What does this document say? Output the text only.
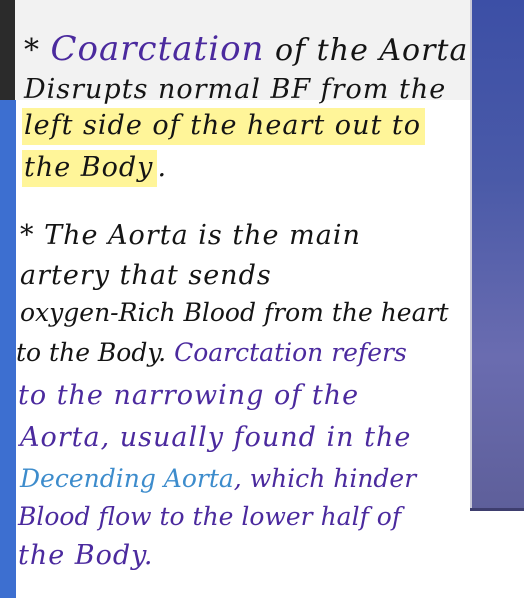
* Coarctation of the Aorta
Disrupts normal BF from the
left side of the heart out to
the Body .
* The Aorta is the main
artery that sends
oxygen-Rich Blood from the heart
to the Body. Coarctation refers
to the narrowing of the
Aorta, usually found in the
Decending Aorta, which hinder
Blood flow to the lower half of
the Body.
